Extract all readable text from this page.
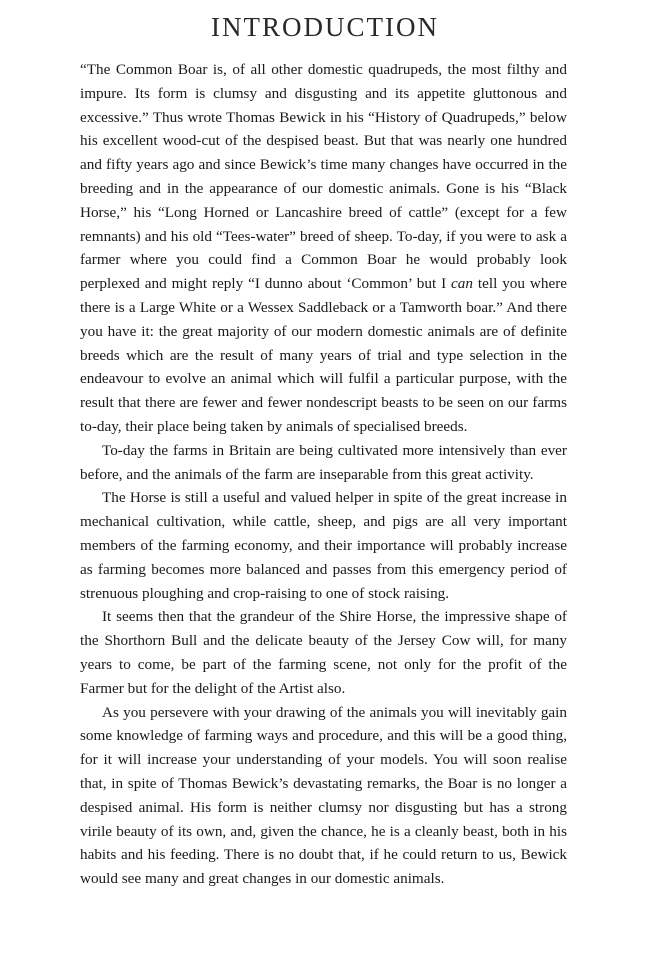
INTRODUCTION

“The Common Boar is, of all other domestic quadrupeds, the most filthy and impure. Its form is clumsy and disgusting and its appetite gluttonous and excessive.” Thus wrote Thomas Bewick in his “History of Quadrupeds,” below his excellent wood-cut of the despised beast. But that was nearly one hundred and fifty years ago and since Bewick’s time many changes have occurred in the breeding and in the appearance of our domestic animals. Gone is his “Black Horse,” his “Long Horned or Lancashire breed of cattle” (except for a few remnants) and his old “Tees-water” breed of sheep. To-day, if you were to ask a farmer where you could find a Common Boar he would probably look perplexed and might reply “I dunno about ‘Common’ but I can tell you where there is a Large White or a Wessex Saddleback or a Tamworth boar.” And there you have it: the great majority of our modern domestic animals are of definite breeds which are the result of many years of trial and type selection in the endeavour to evolve an animal which will fulfil a particular purpose, with the result that there are fewer and fewer nondescript beasts to be seen on our farms to-day, their place being taken by animals of specialised breeds.

To-day the farms in Britain are being cultivated more intensively than ever before, and the animals of the farm are inseparable from this great activity.

The Horse is still a useful and valued helper in spite of the great increase in mechanical cultivation, while cattle, sheep, and pigs are all very important members of the farming economy, and their importance will probably increase as farming becomes more balanced and passes from this emergency period of strenuous ploughing and crop-raising to one of stock raising.

It seems then that the grandeur of the Shire Horse, the impressive shape of the Shorthorn Bull and the delicate beauty of the Jersey Cow will, for many years to come, be part of the farming scene, not only for the profit of the Farmer but for the delight of the Artist also.

As you persevere with your drawing of the animals you will inevitably gain some knowledge of farming ways and procedure, and this will be a good thing, for it will increase your understanding of your models. You will soon realise that, in spite of Thomas Bewick’s devastating remarks, the Boar is no longer a despised animal. His form is neither clumsy nor disgusting but has a strong virile beauty of its own, and, given the chance, he is a cleanly beast, both in his habits and his feeding. There is no doubt that, if he could return to us, Bewick would see many and great changes in our domestic animals.
